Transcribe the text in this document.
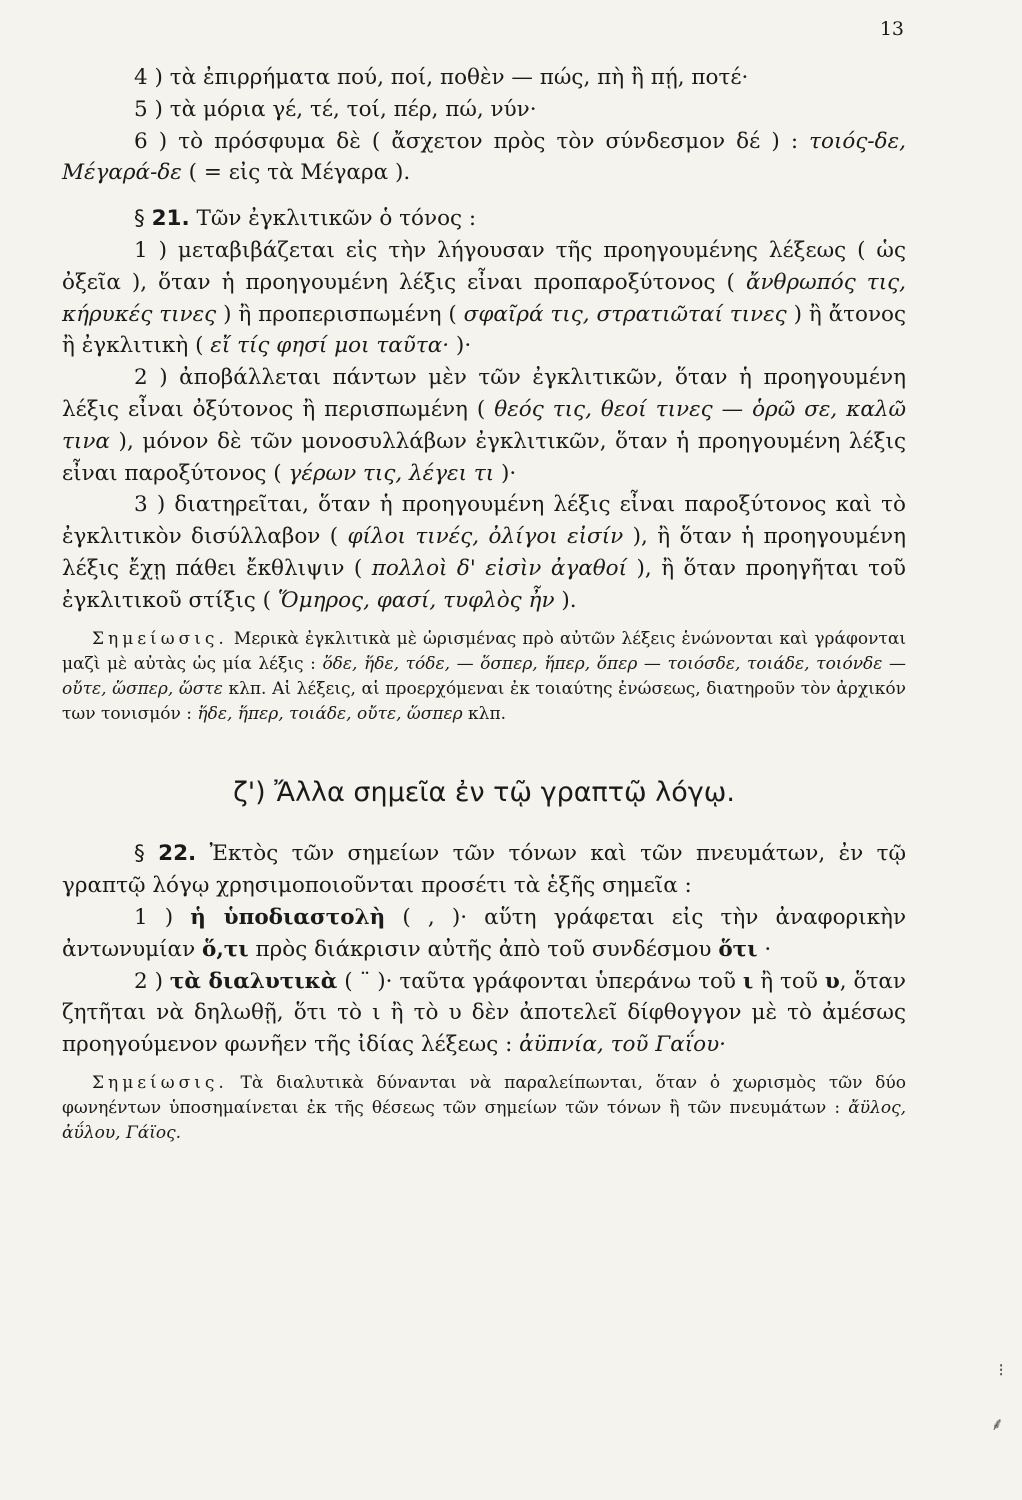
13

4 ) τὰ ἐπιρρήματα πού, ποί, ποθὲν — πώς, πὴ ἢ πῄ, ποτέ·

5 ) τὰ μόρια γέ, τέ, τοί, πέρ, πώ, νύν·

6 ) τὸ πρόσφυμα δὲ ( ἄσχετον πρὸς τὸν σύνδεσμον δέ ) : τοιός-δε, Μέγαρά-δε ( = εἰς τὰ Μέγαρα ).

§ 21. Τῶν ἐγκλιτικῶν ὁ τόνος :

1 ) μεταβιβάζεται εἰς τὴν λήγουσαν τῆς προηγουμένης λέξεως ( ὡς ὀξεῖα ), ὅταν ἡ προηγουμένη λέξις εἶναι προπαροξύτονος ( ἄνθρωπός τις, κήρυκές τινες ) ἢ προπερισπωμένη ( σφαῖρά τις, στρατιῶταί τινες ) ἢ ἄτονος ἢ ἐγκλιτικὴ ( εἴ τίς φησί μοι ταῦτα· )·

2 ) ἀποβάλλεται πάντων μὲν τῶν ἐγκλιτικῶν, ὅταν ἡ προηγουμένη λέξις εἶναι ὀξύτονος ἢ περισπωμένη ( θεός τις, θεοί τινες — ὁρῶ σε, καλῶ τινα ), μόνον δὲ τῶν μονοσυλλάβων ἐγκλιτικῶν, ὅταν ἡ προηγουμένη λέξις εἶναι παροξύτονος ( γέρων τις, λέγει τι )·

3 ) διατηρεῖται, ὅταν ἡ προηγουμένη λέξις εἶναι παροξύτονος καὶ τὸ ἐγκλιτικὸν δισύλλαβον ( φίλοι τινές, ὀλίγοι εἰσίν ), ἢ ὅταν ἡ προηγουμένη λέξις ἔχῃ πάθει ἔκθλιψιν ( πολλοὶ δ' εἰσὶν ἀγαθοί ), ἢ ὅταν προηγῆται τοῦ ἐγκλιτικοῦ στίξις ( Ὅμηρος, φασί, τυφλὸς ἦν ).

Σημείωσις. Μερικὰ ἐγκλιτικὰ μὲ ὡρισμένας πρὸ αὐτῶν λέξεις ἑνώνονται καὶ γράφονται μαζὶ μὲ αὐτὰς ὡς μία λέξις : ὅδε, ἥδε, τόδε, — ὅσπερ, ἥπερ, ὅπερ — τοιόσδε, τοιάδε, τοιόνδε — οὔτε, ὥσπερ, ὥστε κλπ. Αἱ λέξεις, αἱ προερχόμεναι ἐκ τοιαύτης ἑνώσεως, διατηροῦν τὸν ἀρχικόν των τονισμόν : ἥδε, ἥπερ, τοιάδε, οὔτε, ὥσπερ κλπ.

ζ') Ἄλλα σημεῖα ἐν τῷ γραπτῷ λόγῳ.

§ 22. Ἐκτὸς τῶν σημείων τῶν τόνων καὶ τῶν πνευμάτων, ἐν τῷ γραπτῷ λόγῳ χρησιμοποιοῦνται προσέτι τὰ ἑξῆς σημεῖα :

1 ) ἡ ὑποδιαστολὴ ( , )· αὕτη γράφεται εἰς τὴν ἀναφορικὴν ἀντωνυμίαν ὅ,τι πρὸς διάκρισιν αὐτῆς ἀπὸ τοῦ συνδέσμου ὅτι ·

2 ) τὰ διαλυτικὰ ( ¨ )· ταῦτα γράφονται ὑπεράνω τοῦ ι ἢ τοῦ υ, ὅταν ζητῆται νὰ δηλωθῇ, ὅτι τὸ ι ἢ τὸ υ δὲν ἀποτελεῖ δίφθογγον μὲ τὸ ἀμέσως προηγούμενον φωνῆεν τῆς ἰδίας λέξεως : ἀϋπνία, τοῦ Γαΐου·

Σημείωσις. Τὰ διαλυτικὰ δύνανται νὰ παραλείπωνται, ὅταν ὁ χωρισμὸς τῶν δύο φωνηέντων ὑποσημαίνεται ἐκ τῆς θέσεως τῶν σημείων τῶν τόνων ἢ τῶν πνευμάτων : ἄϋλος, ἀΰλου, Γάϊος.

⁝
⸙
